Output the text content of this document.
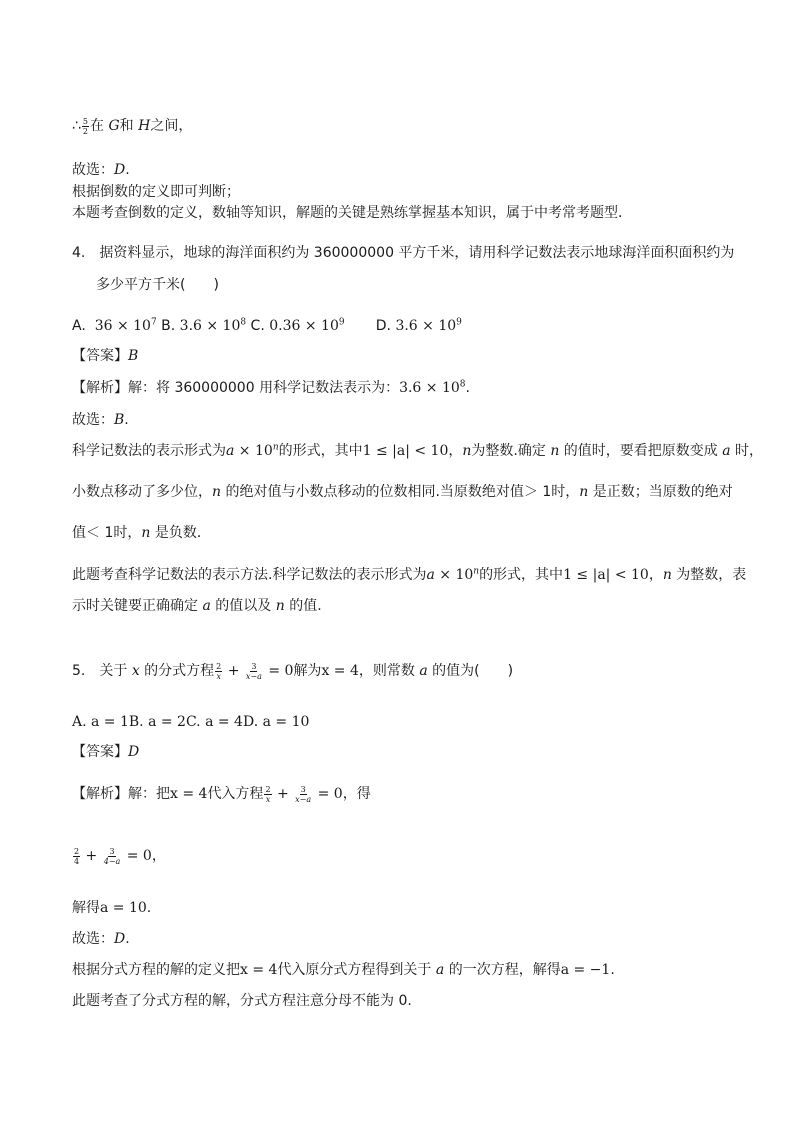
∴ $\frac{5}{2}$ 在 G和 H之间，
故选：D.
根据倒数的定义即可判断；
本题考查倒数的定义，数轴等知识，解题的关键是熟练掌握基本知识，属于中考常考题型．
4.　据资料显示，地球的海洋面积约为 360000000 平方千米，请用科学记数法表示地球海洋面积面积约为
多少平方千米(　　)
A. $36 \times 10^7$ B. $3.6 \times 10^8$ C. $0.36 \times 10^9$ D. $3.6 \times 10^9$
【答案】B
【解析】解：将 360000000 用科学记数法表示为：$3.6 \times 10^8$.
故选：B.
科学记数法的表示形式为$a \times 10^n$的形式，其中1 ≤ |a| < 10，n为整数.确定 n 的值时，要看把原数变成 a 时，
小数点移动了多少位，n 的绝对值与小数点移动的位数相同.当原数绝对值＞ 1时，n 是正数；当原数的绝对
值＜ 1时，n 是负数．
此题考查科学记数法的表示方法.科学记数法的表示形式为$a \times 10^n$的形式，其中1 ≤ |a| < 10，n 为整数，表
示时关键要正确确定 a 的值以及 n 的值.
5.　关于 x 的分式方程 $\frac{2}{x} + \frac{3}{x-a} = 0$解为x = 4，则常数 a 的值为(　　)
A. a = 1B. a = 2C. a = 4D. a = 10
【答案】D
【解析】解：把x = 4代入方程 $\frac{2}{x} + \frac{3}{x-a} = 0$，得
$\frac{2}{4} + \frac{3}{4-a} = 0$，
解得a = 10.
故选：D.
根据分式方程的解的定义把x = 4代入原分式方程得到关于 a 的一次方程，解得a = −1.
此题考查了分式方程的解，分式方程注意分母不能为 0.
